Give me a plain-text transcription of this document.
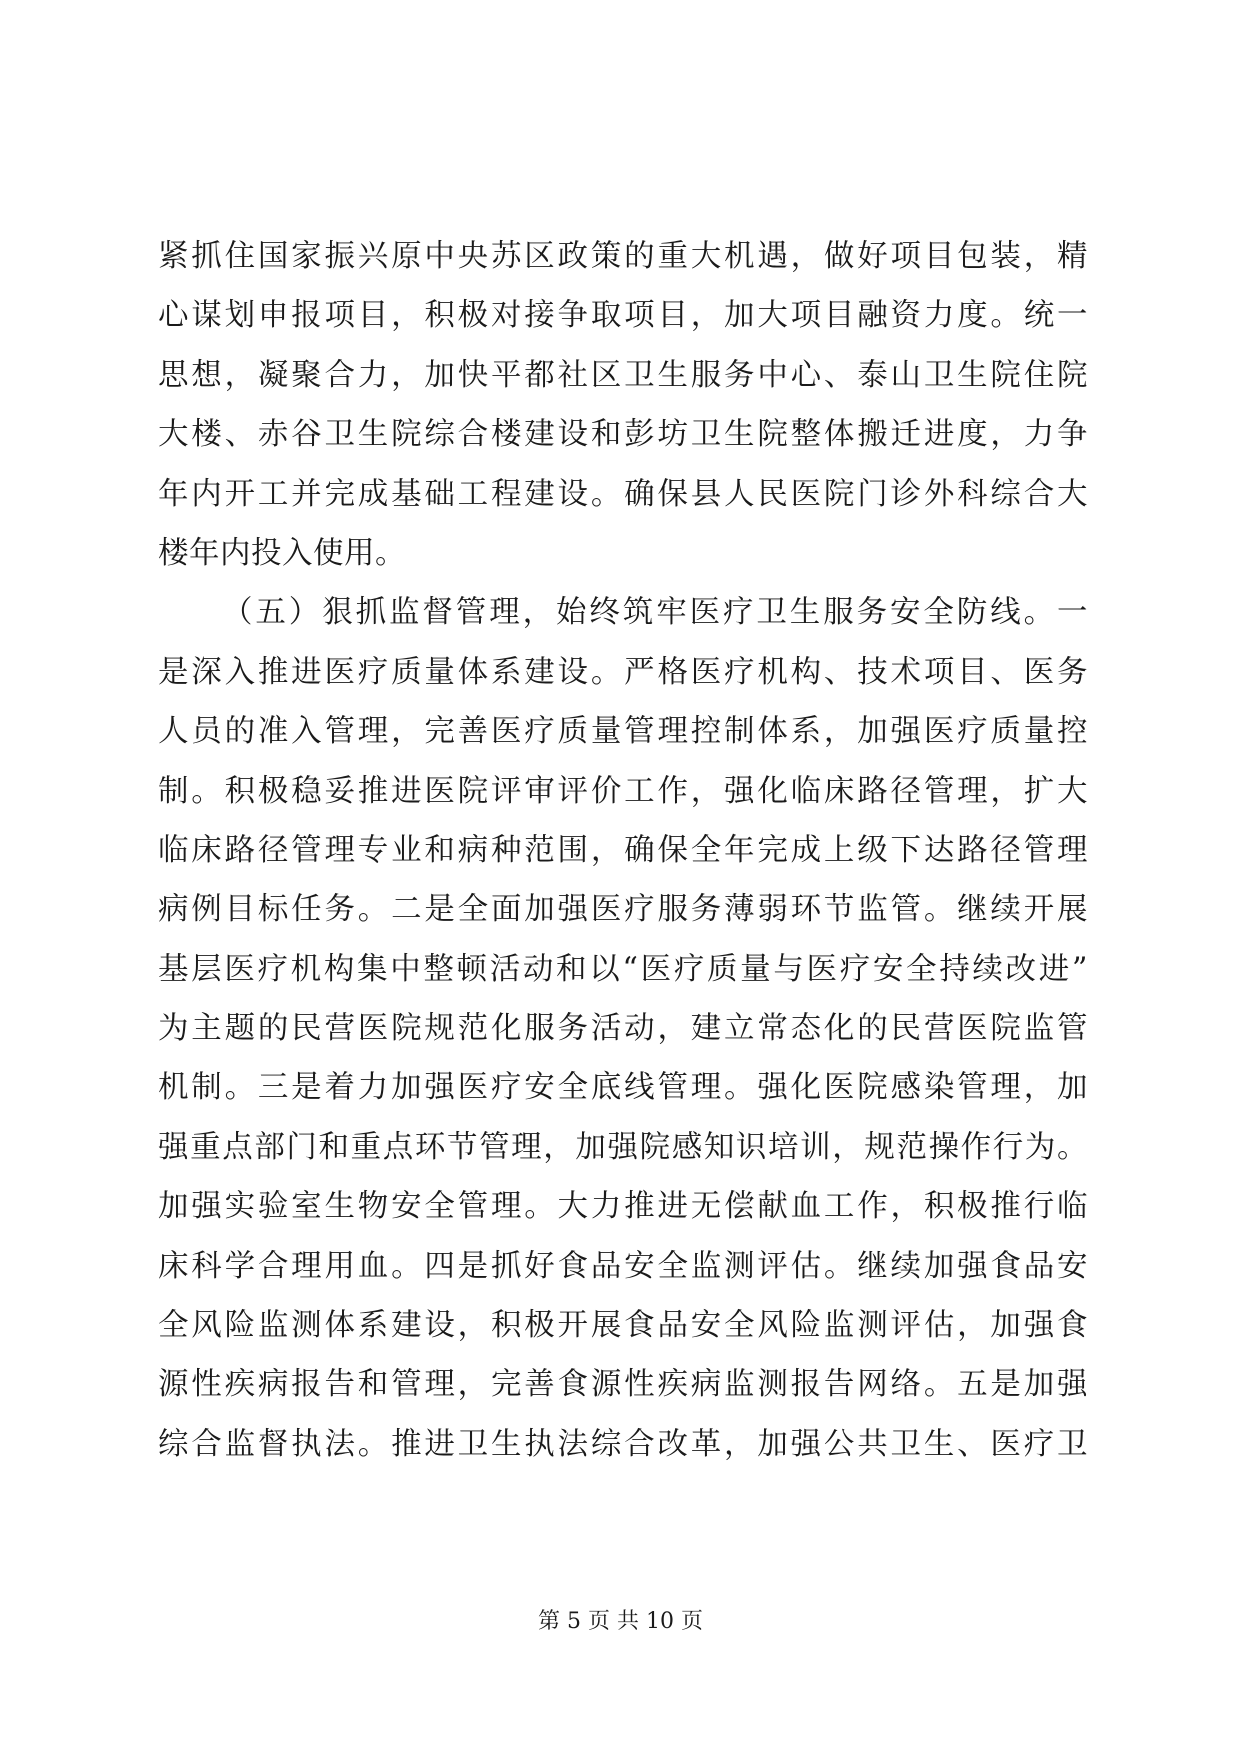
紧抓住国家振兴原中央苏区政策的重大机遇，做好项目包装，精
心谋划申报项目，积极对接争取项目，加大项目融资力度。统一
思想，凝聚合力，加快平都社区卫生服务中心、泰山卫生院住院
大楼、赤谷卫生院综合楼建设和彭坊卫生院整体搬迁进度，力争
年内开工并完成基础工程建设。确保县人民医院门诊外科综合大
楼年内投入使用。
（五）狠抓监督管理，始终筑牢医疗卫生服务安全防线。一
是深入推进医疗质量体系建设。严格医疗机构、技术项目、医务
人员的准入管理，完善医疗质量管理控制体系，加强医疗质量控
制。积极稳妥推进医院评审评价工作，强化临床路径管理，扩大
临床路径管理专业和病种范围，确保全年完成上级下达路径管理
病例目标任务。二是全面加强医疗服务薄弱环节监管。继续开展
基层医疗机构集中整顿活动和以“医疗质量与医疗安全持续改进”
为主题的民营医院规范化服务活动，建立常态化的民营医院监管
机制。三是着力加强医疗安全底线管理。强化医院感染管理，加
强重点部门和重点环节管理，加强院感知识培训，规范操作行为。
加强实验室生物安全管理。大力推进无偿献血工作，积极推行临
床科学合理用血。四是抓好食品安全监测评估。继续加强食品安
全风险监测体系建设，积极开展食品安全风险监测评估，加强食
源性疾病报告和管理，完善食源性疾病监测报告网络。五是加强
综合监督执法。推进卫生执法综合改革，加强公共卫生、医疗卫
第 5 页 共 10 页
